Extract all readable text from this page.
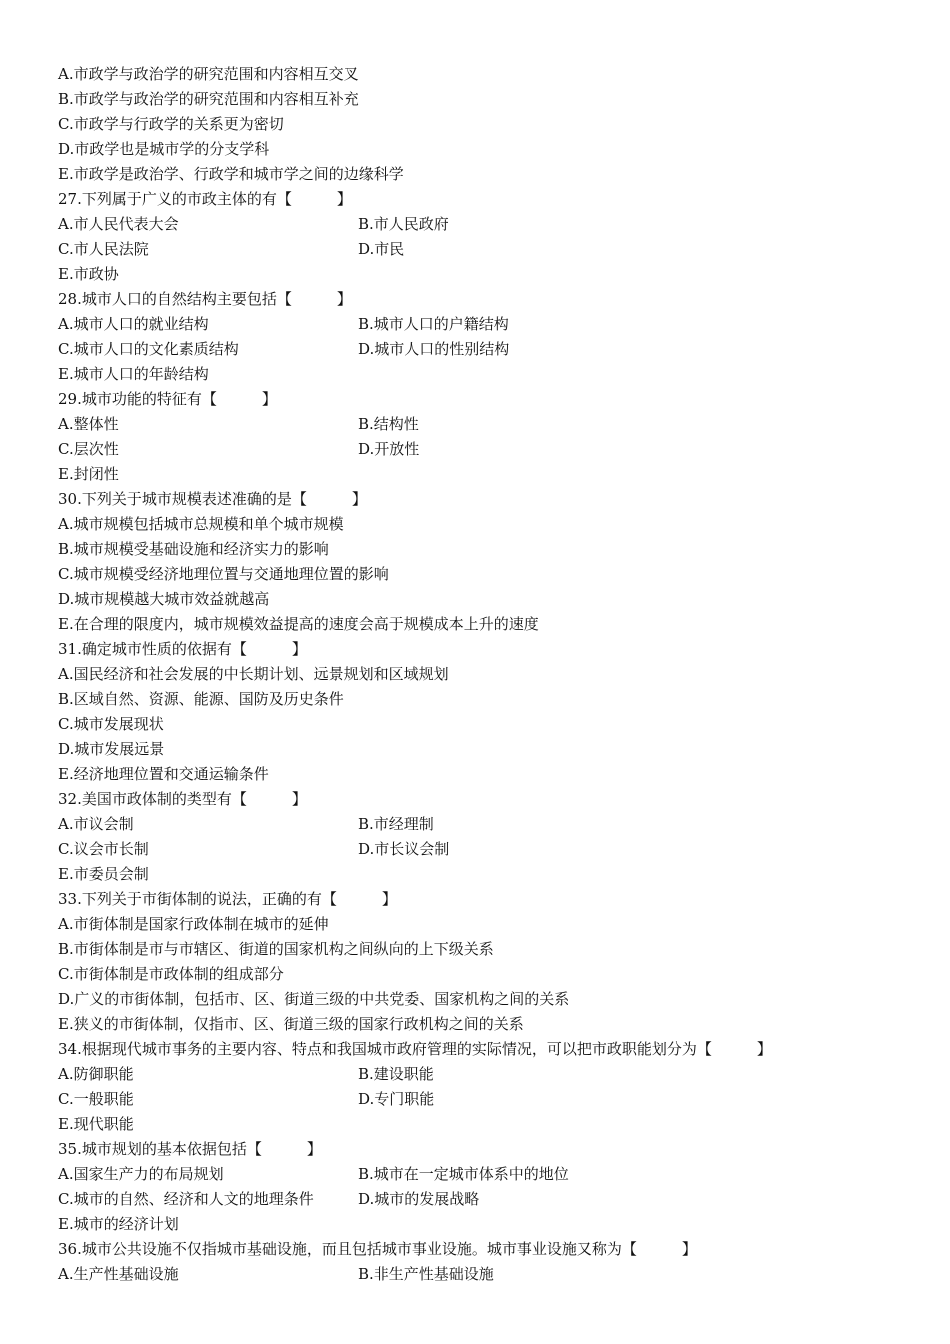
A.市政学与政治学的研究范围和内容相互交叉
B.市政学与政治学的研究范围和内容相互补充
C.市政学与行政学的关系更为密切
D.市政学也是城市学的分支学科
E.市政学是政治学、行政学和城市学之间的边缘科学
27.下列属于广义的市政主体的有【　　　】
A.市人民代表大会	B.市人民政府
C.市人民法院	D.市民
E.市政协
28.城市人口的自然结构主要包括【　　　】
A.城市人口的就业结构	B.城市人口的户籍结构
C.城市人口的文化素质结构	D.城市人口的性别结构
E.城市人口的年龄结构
29.城市功能的特征有【　　　】
A.整体性	B.结构性
C.层次性	D.开放性
E.封闭性
30.下列关于城市规模表述准确的是【　　　】
A.城市规模包括城市总规模和单个城市规模
B.城市规模受基础设施和经济实力的影响
C.城市规模受经济地理位置与交通地理位置的影响
D.城市规模越大城市效益就越高
E.在合理的限度内，城市规模效益提高的速度会高于规模成本上升的速度
31.确定城市性质的依据有【　　　】
A.国民经济和社会发展的中长期计划、远景规划和区域规划
B.区域自然、资源、能源、国防及历史条件
C.城市发展现状
D.城市发展远景
E.经济地理位置和交通运输条件
32.美国市政体制的类型有【　　　】
A.市议会制	B.市经理制
C.议会市长制	D.市长议会制
E.市委员会制
33.下列关于市街体制的说法，正确的有【　　　】
A.市街体制是国家行政体制在城市的延伸
B.市街体制是市与市辖区、街道的国家机构之间纵向的上下级关系
C.市街体制是市政体制的组成部分
D.广义的市街体制，包括市、区、街道三级的中共党委、国家机构之间的关系
E.狭义的市街体制，仅指市、区、街道三级的国家行政机构之间的关系
34.根据现代城市事务的主要内容、特点和我国城市政府管理的实际情况，可以把市政职能划分为【　　　】
A.防御职能	B.建设职能
C.一般职能	D.专门职能
E.现代职能
35.城市规划的基本依据包括【　　　】
A.国家生产力的布局规划	B.城市在一定城市体系中的地位
C.城市的自然、经济和人文的地理条件	D.城市的发展战略
E.城市的经济计划
36.城市公共设施不仅指城市基础设施，而且包括城市事业设施。城市事业设施又称为【　　　】
A.生产性基础设施	B.非生产性基础设施
